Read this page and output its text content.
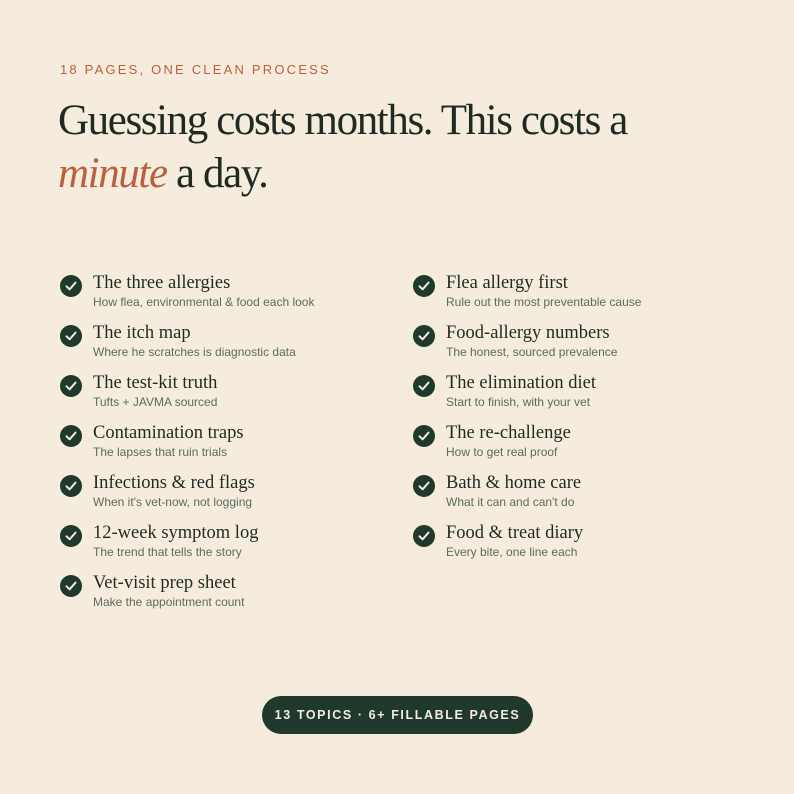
18 PAGES, ONE CLEAN PROCESS
Guessing costs months. This costs a
minute a day.
The three allergies
How flea, environmental & food each look
The itch map
Where he scratches is diagnostic data
The test-kit truth
Tufts + JAVMA sourced
Contamination traps
The lapses that ruin trials
Infections & red flags
When it's vet-now, not logging
12-week symptom log
The trend that tells the story
Vet-visit prep sheet
Make the appointment count
Flea allergy first
Rule out the most preventable cause
Food-allergy numbers
The honest, sourced prevalence
The elimination diet
Start to finish, with your vet
The re-challenge
How to get real proof
Bath & home care
What it can and can't do
Food & treat diary
Every bite, one line each
13 TOPICS · 6+ FILLABLE PAGES
